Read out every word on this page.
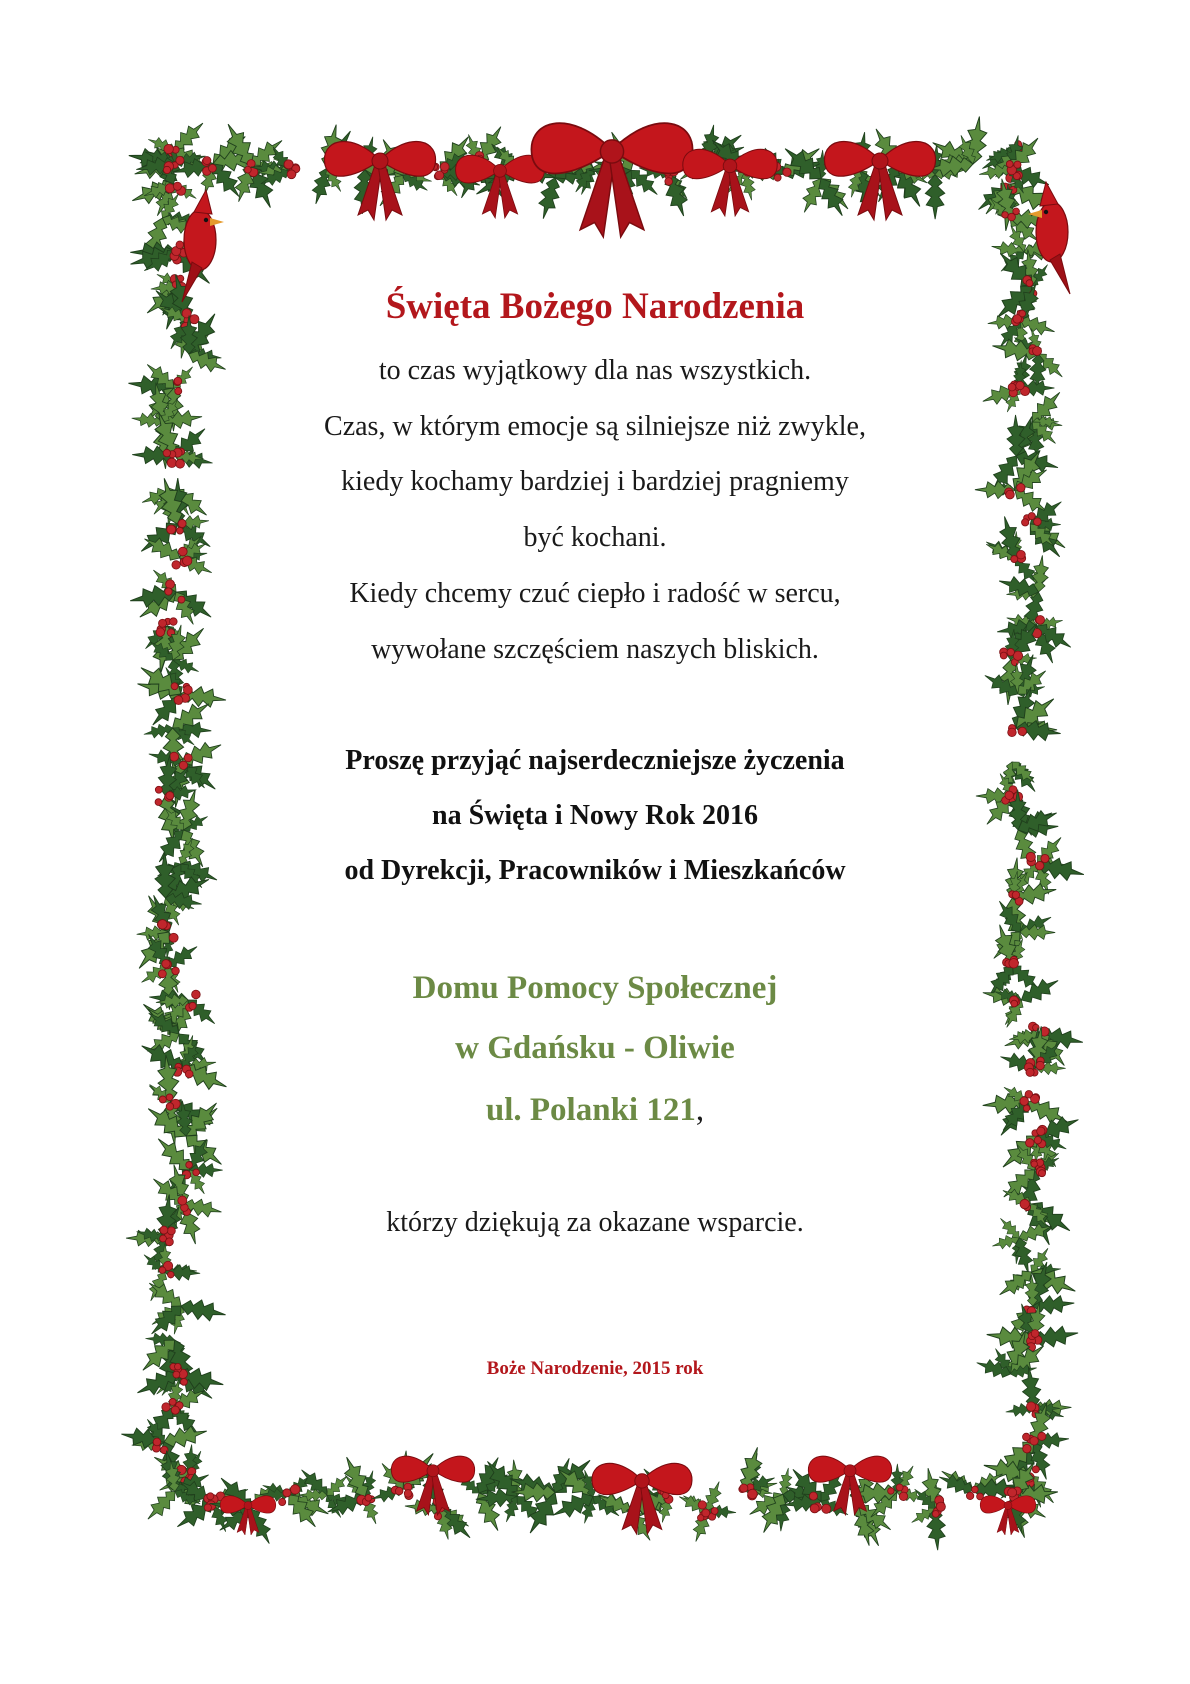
Święta Bożego Narodzenia
to czas wyjątkowy dla nas wszystkich.
Czas, w którym emocje są silniejsze niż zwykle,
kiedy kochamy bardziej i bardziej pragniemy
być kochani.
Kiedy chcemy czuć ciepło i radość w sercu,
wywołane szczęściem naszych bliskich.
Proszę przyjąć najserdeczniejsze życzenia
na Święta i Nowy Rok 2016
od Dyrekcji, Pracowników i Mieszkańców
Domu Pomocy Społecznej
w Gdańsku - Oliwie
ul. Polanki 121,
którzy dziękują za okazane wsparcie.
Boże Narodzenie, 2015 rok
